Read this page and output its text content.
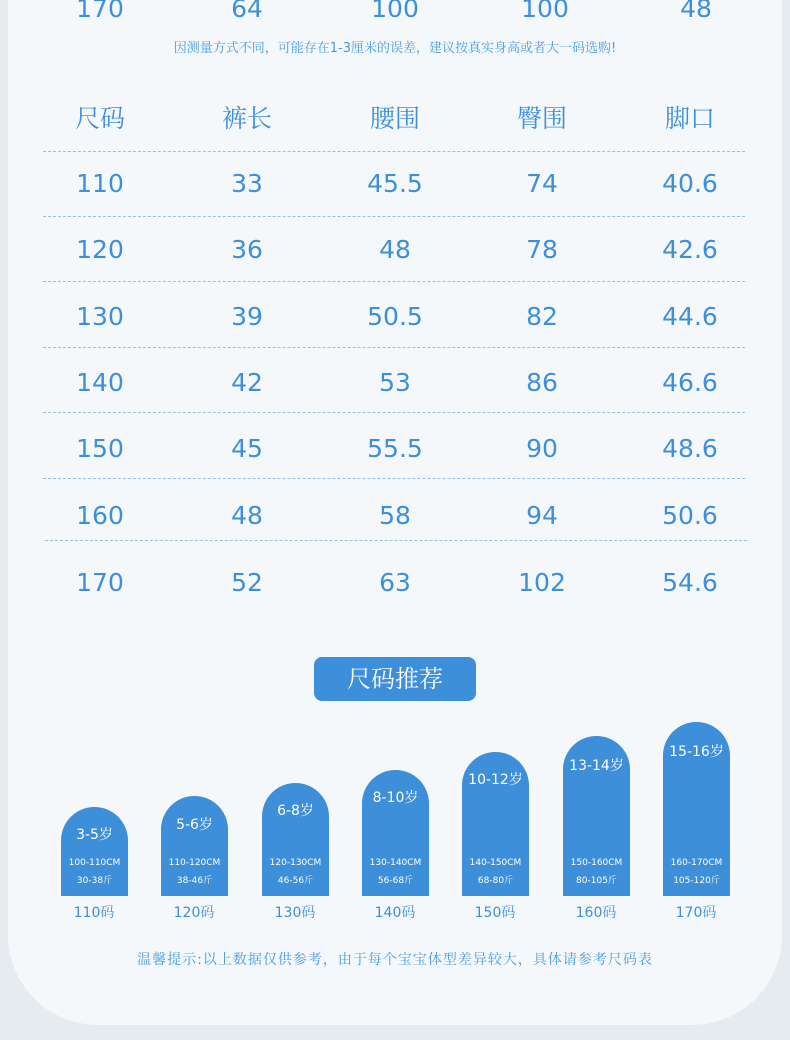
170	64	100	100	48
因测量方式不同，可能存在1-3厘米的误差，建议按真实身高或者大一码选购!
尺码	裤长	腰围	臀围	脚口
110	33	45.5	74	40.6
120	36	48	78	42.6
130	39	50.5	82	44.6
140	42	53	86	46.6
150	45	55.5	90	48.6
160	48	58	94	50.6
170	52	63	102	54.6
尺码推荐
3-5岁
100-110CM
30-38斤
110码
5-6岁
110-120CM
38-46斤
120码
6-8岁
120-130CM
46-56斤
130码
8-10岁
130-140CM
56-68斤
140码
10-12岁
140-150CM
68-80斤
150码
13-14岁
150-160CM
80-105斤
160码
15-16岁
160-170CM
105-120斤
170码
温馨提示:以上数据仅供参考，由于每个宝宝体型差异较大，具体请参考尺码表
